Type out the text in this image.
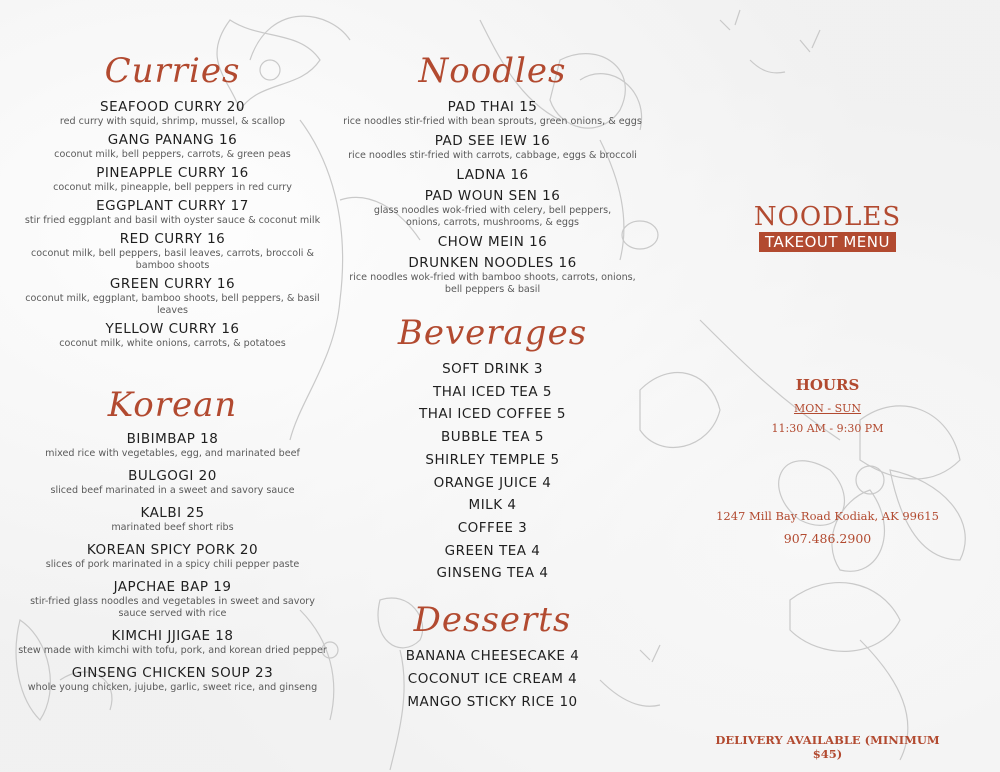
Curries

SEAFOOD CURRY 20

red curry with squid, shrimp, mussel, & scallop

GANG PANANG 16

coconut milk, bell peppers, carrots, & green peas

PINEAPPLE CURRY 16

coconut milk, pineapple, bell peppers in red curry

EGGPLANT CURRY 17

stir fried eggplant and basil with oyster sauce & coconut milk

RED CURRY 16

coconut milk, bell peppers, basil leaves, carrots, broccoli & bamboo shoots

GREEN CURRY 16

coconut milk, eggplant, bamboo shoots, bell peppers, & basil leaves

YELLOW CURRY 16

coconut milk, white onions, carrots, & potatoes

Korean

BIBIMBAP 18

mixed rice with vegetables, egg, and marinated beef

BULGOGI 20

sliced beef marinated in a sweet and savory sauce

KALBI 25

marinated beef short ribs

KOREAN SPICY PORK 20

slices of pork marinated in a spicy chili pepper paste

JAPCHAE BAP 19

stir-fried glass noodles and vegetables in sweet and savory sauce served with rice

KIMCHI JJIGAE 18

stew made with kimchi with tofu, pork, and korean dried pepper

GINSENG CHICKEN SOUP 23

whole young chicken, jujube, garlic, sweet rice, and ginseng

Noodles

PAD THAI 15

rice noodles stir-fried with bean sprouts, green onions, & eggs

PAD SEE IEW 16

rice noodles stir-fried with carrots, cabbage, eggs & broccoli

LADNA 16

PAD WOUN SEN 16

glass noodles wok-fried with celery, bell peppers, onions, carrots, mushrooms, & eggs

CHOW MEIN 16

DRUNKEN NOODLES 16

rice noodles wok-fried with bamboo shoots, carrots, onions, bell peppers & basil

Beverages

SOFT DRINK 3

THAI ICED TEA 5

THAI ICED COFFEE 5

BUBBLE TEA 5

SHIRLEY TEMPLE 5

ORANGE JUICE 4

MILK 4

COFFEE 3

GREEN TEA 4

GINSENG TEA 4

Desserts

BANANA CHEESECAKE 4

COCONUT ICE CREAM 4

MANGO STICKY RICE 10

NOODLES
TAKEOUT MENU
HOURS
MON - SUN
11:30 AM - 9:30 PM
1247 Mill Bay Road Kodiak, AK 99615
907.486.2900
DELIVERY AVAILABLE (MINIMUM $45)
